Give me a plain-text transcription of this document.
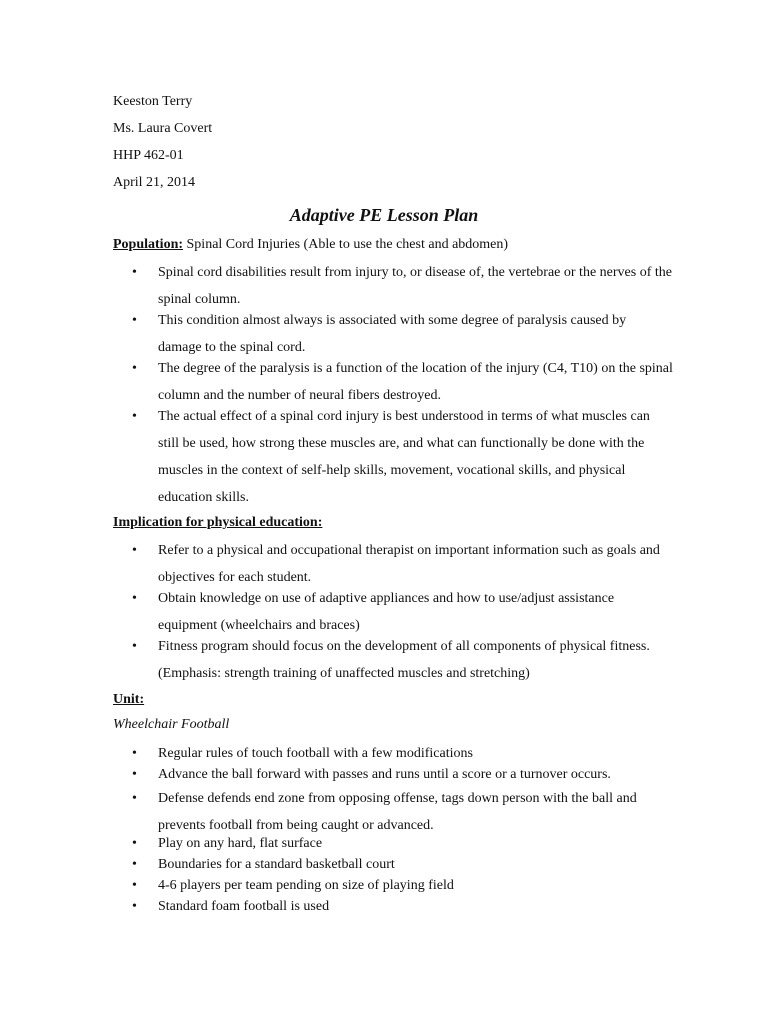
Keeston Terry

Ms. Laura Covert

HHP 462-01

April 21, 2014

Adaptive PE Lesson Plan

Population: Spinal Cord Injuries (Able to use the chest and abdomen)

• Spinal cord disabilities result from injury to, or disease of, the vertebrae or the nerves of the spinal column.
• This condition almost always is associated with some degree of paralysis caused by damage to the spinal cord.
• The degree of the paralysis is a function of the location of the injury (C4, T10) on the spinal column and the number of neural fibers destroyed.
• The actual effect of a spinal cord injury is best understood in terms of what muscles can still be used, how strong these muscles are, and what can functionally be done with the muscles in the context of self-help skills, movement, vocational skills, and physical education skills.

Implication for physical education:

• Refer to a physical and occupational therapist on important information such as goals and objectives for each student.
• Obtain knowledge on use of adaptive appliances and how to use/adjust assistance equipment (wheelchairs and braces)
• Fitness program should focus on the development of all components of physical fitness. (Emphasis: strength training of unaffected muscles and stretching)

Unit:

Wheelchair Football

• Regular rules of touch football with a few modifications
• Advance the ball forward with passes and runs until a score or a turnover occurs.
• Defense defends end zone from opposing offense, tags down person with the ball and prevents football from being caught or advanced.
• Play on any hard, flat surface
• Boundaries for a standard basketball court
• 4-6 players per team pending on size of playing field
• Standard foam football is used
